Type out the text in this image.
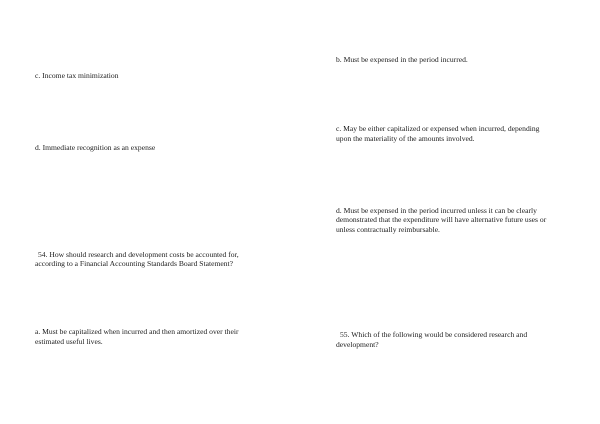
c. Income tax minimization
d. Immediate recognition as an expense
54. How should research and development costs be accounted for,
according to a Financial Accounting Standards Board Statement?
a. Must be capitalized when incurred and then amortized over their
estimated useful lives.
b. Must be expensed in the period incurred.
c. May be either capitalized or expensed when incurred, depending
upon the materiality of the amounts involved.
d. Must be expensed in the period incurred unless it can be clearly
demonstrated that the expenditure will have alternative future uses or
unless contractually reimbursable.
55. Which of the following would be considered research and
development?
